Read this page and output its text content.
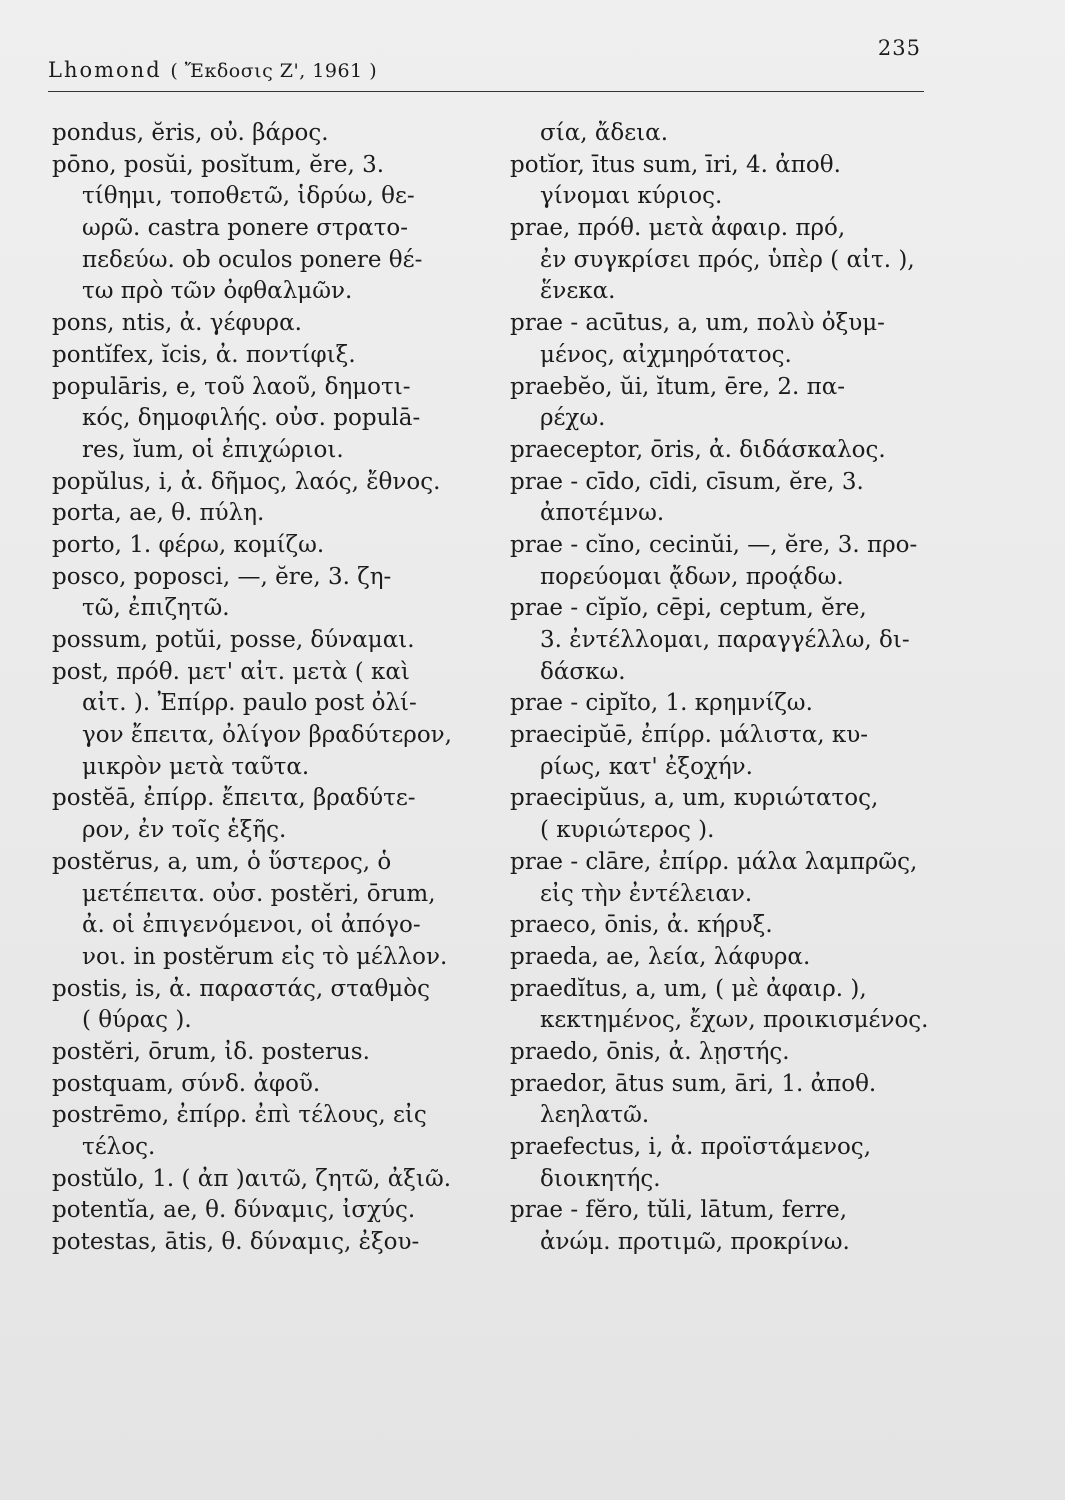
Lhomond ( Ἔκδοσις Ζ', 1961 )
235
pondus, ĕris, οὐ. βάρος.
pōno, posŭi, posĭtum, ĕre, 3.
τίθημι, τοποθετῶ, ἱδρύω, θε-
ωρῶ. castra ponere στρατο-
πεδεύω. ob oculos ponere θέ-
τω πρὸ τῶν ὀφθαλμῶν.
pons, ntis, ἀ. γέφυρα.
pontĭfex, ĭcis, ἀ. ποντίφιξ.
populāris, e, τοῦ λαοῦ, δημοτι-
κός, δημοφιλής. οὐσ. populā-
res, ĭum, οἱ ἐπιχώριοι.
popŭlus, i, ἀ. δῆμος, λαός, ἔθνος.
porta, ae, θ. πύλη.
porto, 1. φέρω, κομίζω.
posco, poposci, —, ĕre, 3. ζη-
τῶ, ἐπιζητῶ.
possum, potŭi, posse, δύναμαι.
post, πρόθ. μετ' αἰτ. μετὰ ( καὶ
αἰτ. ). Ἐπίρρ. paulo post ὀλί-
γον ἔπειτα, ὀλίγον βραδύτερον,
μικρὸν μετὰ ταῦτα.
postĕā, ἐπίρρ. ἔπειτα, βραδύτε-
ρον, ἐν τοῖς ἑξῆς.
postĕrus, a, um, ὁ ὕστερος, ὁ
μετέπειτα. οὐσ. postĕri, ōrum,
ἀ. οἱ ἐπιγενόμενοι, οἱ ἀπόγο-
νοι. in postĕrum εἰς τὸ μέλλον.
postis, is, ἀ. παραστάς, σταθμὸς
( θύρας ).
postĕri, ōrum, ἰδ. posterus.
postquam, σύνδ. ἀφοῦ.
postrēmo, ἐπίρρ. ἐπὶ τέλους, εἰς
τέλος.
postŭlo, 1. ( ἀπ )αιτῶ, ζητῶ, ἀξιῶ.
potentĭa, ae, θ. δύναμις, ἰσχύς.
potestas, ātis, θ. δύναμις, ἐξου-
σία, ἄδεια.
potĭor, ītus sum, īri, 4. ἀποθ.
γίνομαι κύριος.
prae, πρόθ. μετὰ ἀφαιρ. πρό,
ἐν συγκρίσει πρός, ὑπὲρ ( αἰτ. ),
ἕνεκα.
prae - acūtus, a, um, πολὺ ὀξυμ-
μένος, αἰχμηρότατος.
praebĕo, ŭi, ĭtum, ēre, 2. πα-
ρέχω.
praeceptor, ōris, ἀ. διδάσκαλος.
prae - cīdo, cīdi, cīsum, ĕre, 3.
ἀποτέμνω.
prae - cĭno, cecinŭi, —, ĕre, 3. προ-
πορεύομαι ᾄδων, προᾴδω.
prae - cĭpĭo, cēpi, ceptum, ĕre,
3. ἐντέλλομαι, παραγγέλλω, δι-
δάσκω.
prae - cipĭto, 1. κρημνίζω.
praecipŭē, ἐπίρρ. μάλιστα, κυ-
ρίως, κατ' ἐξοχήν.
praecipŭus, a, um, κυριώτατος,
( κυριώτερος ).
prae - clāre, ἐπίρρ. μάλα λαμπρῶς,
εἰς τὴν ἐντέλειαν.
praeco, ōnis, ἀ. κήρυξ.
praeda, ae, λεία, λάφυρα.
praedĭtus, a, um, ( μὲ ἀφαιρ. ),
κεκτημένος, ἔχων, προικισμένος.
praedo, ōnis, ἀ. λῃστής.
praedor, ātus sum, āri, 1. ἀποθ.
λεηλατῶ.
praefectus, i, ἀ. προϊστάμενος,
διοικητής.
prae - fĕro, tŭli, lātum, ferre,
ἀνώμ. προτιμῶ, προκρίνω.
